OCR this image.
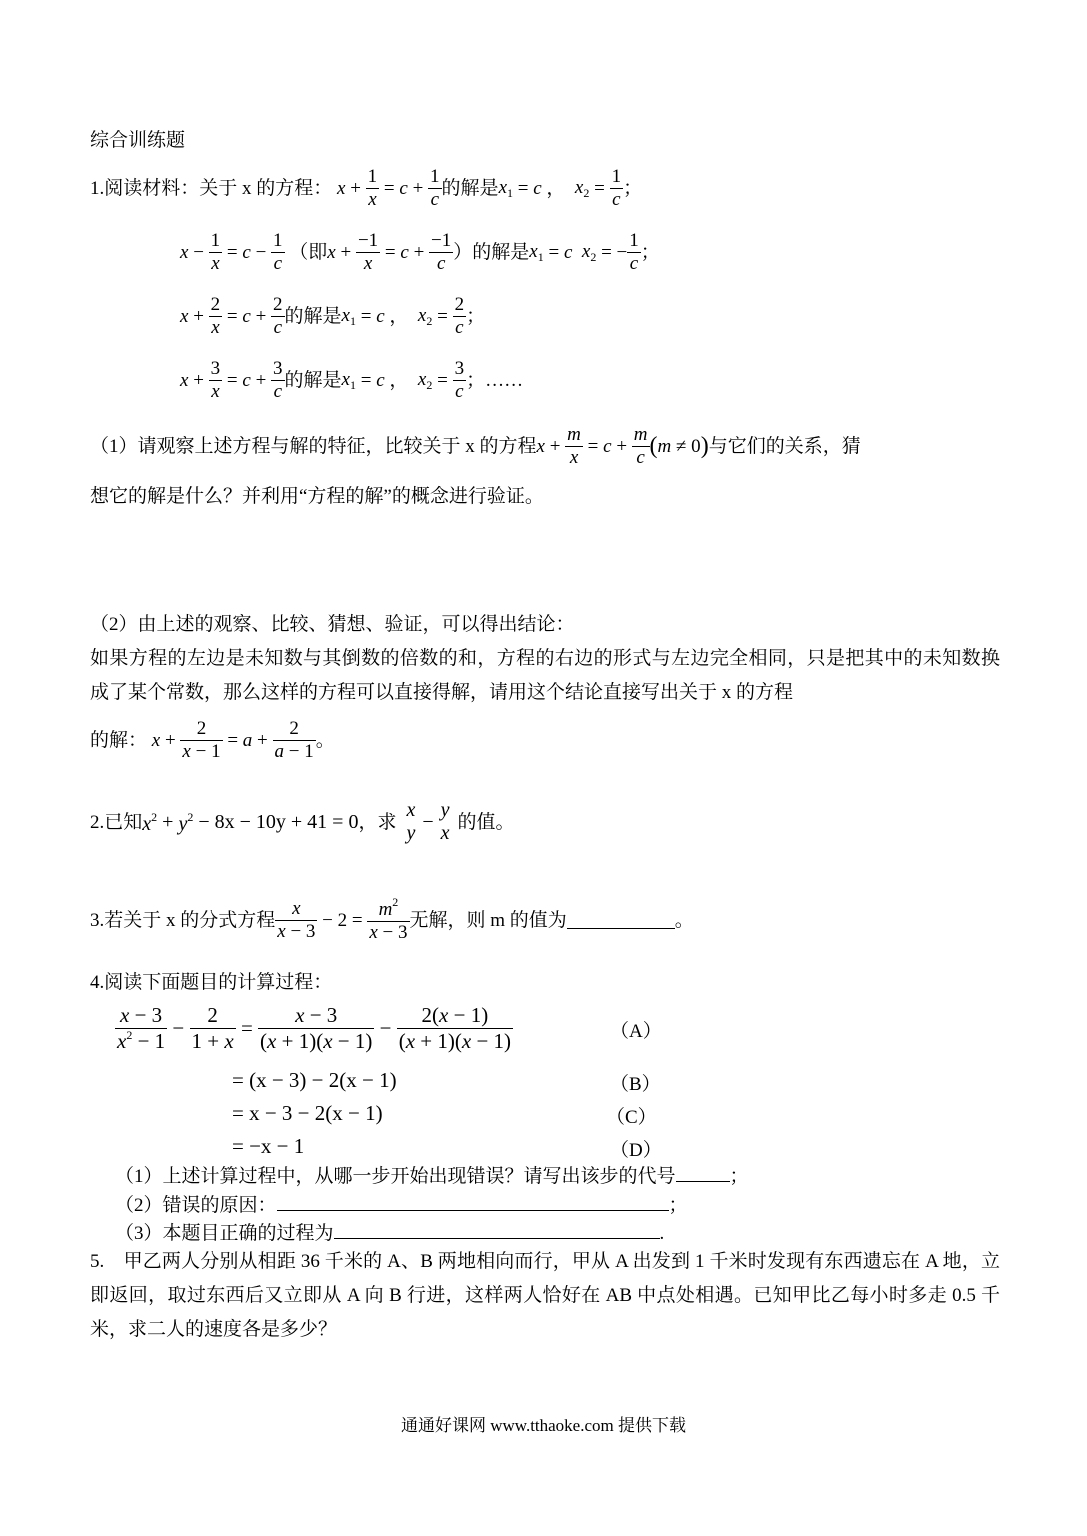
综合训练题
1.阅读材料：关于 x 的方程： $x + \frac{1}{x} = c + \frac{1}{c}$ 的解是 $x_1 = c$
，
$x_2 = \frac{1}{c}$ ；
$x - \frac{1}{x} = c - \frac{1}{c}$
（即 $x + \frac{-1}{x} = c + \frac{-1}{c}$ ） 的解是 $x_1 = c$
$x_2$ = − $\frac{1}{c}$ ；
$x + \frac{2}{x} = c + \frac{2}{c}$ 的解是 $x_1 = c$
，
$x_2 = \frac{2}{c}$ ；
$x + \frac{3}{x} = c + \frac{3}{c}$ 的解是 $x_1 = c$
，
$x_2 = \frac{3}{c}$ ；……
（1）请观察上述方程与解的特征，比较关于 x 的方程 $x + \frac{m}{x} = c + \frac{m}{c}$ ( m ≠ 0 ) 与它们的关系，猜
想它的解是什么？并利用“方程的解”的概念进行验证。
（2）由上述的观察、比较、猜想、验证，可以得出结论：
如果方程的左边是未知数与其倒数的倍数的和，方程的右边的形式与左边完全相同，只是把其中的未知数换成了某个常数，那么这样的方程可以直接得解，请用这个结论直接写出关于 x 的方程
的解： $x + \frac{2}{x - 1} = a + \frac{2}{a - 1}$ 。
2.已知 $x^2 + y^2$
− 8x − 10y + 41 = 0 ，求
x
y −
y
x 的值。
3.若关于 x 的分式方程 $\frac{x}{x - 3} - 2 = \frac{m^2}{x - 3}$ 无解，则 m 的值为	。
4.阅读下面题目的计算过程：
$\frac{x - 3}{x^2 - 1} - \frac{2}{1 + x} = \frac{x - 3}{(x + 1)(x - 1)} - \frac{2(x - 1)}{(x + 1)(x - 1)}$	（A）
= (x − 3) − 2(x − 1)	（B）
= x − 3 − 2(x − 1)	（C）
= −x − 1	（D）
（1）上述计算过程中，从哪一步开始出现错误？请写出该步的代号	；
（2）错误的原因：	；
（3）本题目正确的过程为	.
5.　甲乙两人分别从相距 36 千米的 A、B 两地相向而行，甲从 A 出发到 1 千米时发现有东西遗忘在 A 地，立即返回，取过东西后又立即从 A 向 B 行进，这样两人恰好在 AB 中点处相遇。已知甲比乙每小时多走 0.5 千米，求二人的速度各是多少？
通通好课网 www.tthaoke.com 提供下载
